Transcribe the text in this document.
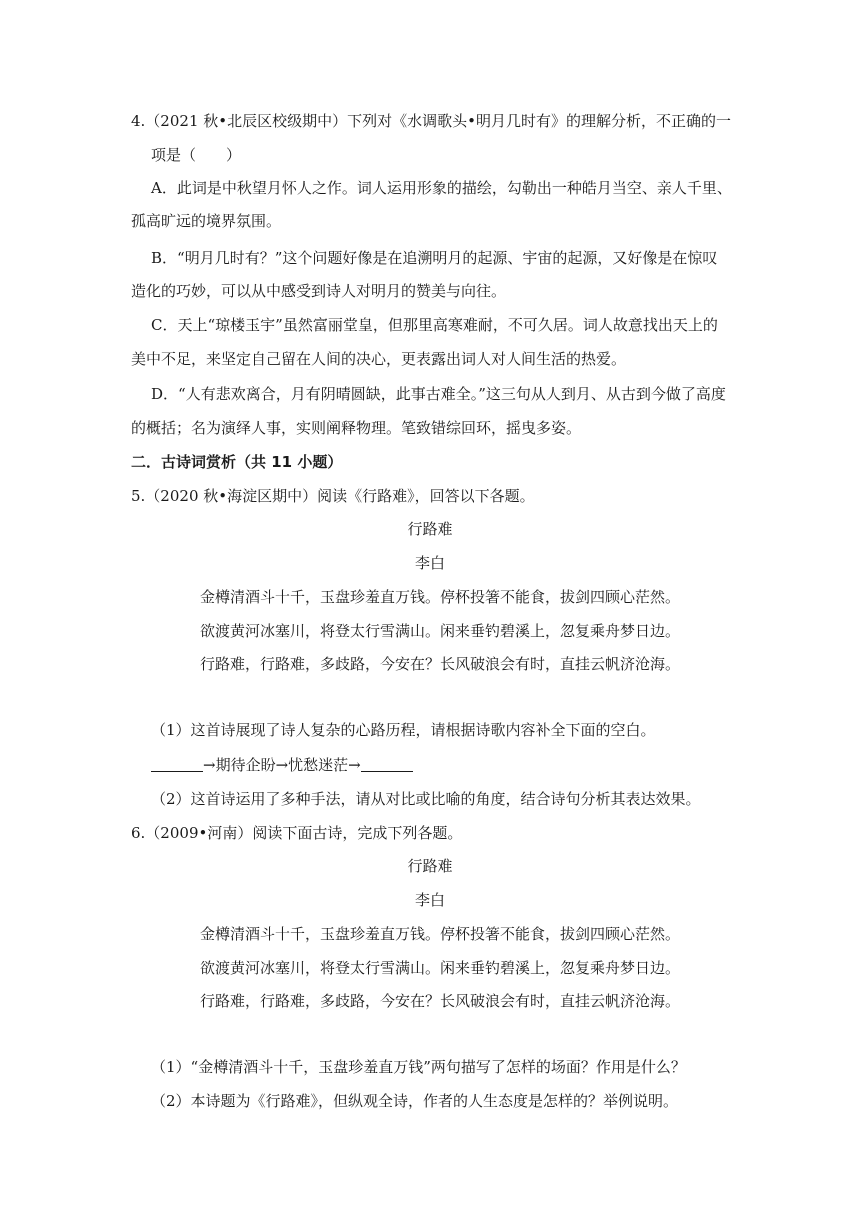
4.（2021 秋•北辰区校级期中）下列对《水调歌头•明月几时有》的理解分析，不正确的一
项是（　　）
A．此词是中秋望月怀人之作。词人运用形象的描绘，勾勒出一种皓月当空、亲人千里、
孤高旷远的境界氛围。
B．“明月几时有？”这个问题好像是在追溯明月的起源、宇宙的起源，又好像是在惊叹
造化的巧妙，可以从中感受到诗人对明月的赞美与向往。
C．天上“琼楼玉宇”虽然富丽堂皇，但那里高寒难耐，不可久居。词人故意找出天上的
美中不足，来坚定自己留在人间的决心，更表露出词人对人间生活的热爱。
D．“人有悲欢离合，月有阴晴圆缺，此事古难全。”这三句从人到月、从古到今做了高度
的概括；名为演绎人事，实则阐释物理。笔致错综回环，摇曳多姿。
二．古诗词赏析（共 11 小题）
5.（2020 秋•海淀区期中）阅读《行路难》，回答以下各题。
行路难
李白
金樽清酒斗十千，玉盘珍羞直万钱。停杯投箸不能食，拔剑四顾心茫然。
欲渡黄河冰塞川，将登太行雪满山。闲来垂钓碧溪上，忽复乘舟梦日边。
行路难，行路难，多歧路，今安在？长风破浪会有时，直挂云帆济沧海。
（1）这首诗展现了诗人复杂的心路历程，请根据诗歌内容补全下面的空白。
→期待企盼→忧愁迷茫→
（2）这首诗运用了多种手法，请从对比或比喻的角度，结合诗句分析其表达效果。
6.（2009•河南）阅读下面古诗，完成下列各题。
行路难
李白
金樽清酒斗十千，玉盘珍羞直万钱。停杯投箸不能食，拔剑四顾心茫然。
欲渡黄河冰塞川，将登太行雪满山。闲来垂钓碧溪上，忽复乘舟梦日边。
行路难，行路难，多歧路，今安在？长风破浪会有时，直挂云帆济沧海。
（1）“金樽清酒斗十千，玉盘珍羞直万钱”两句描写了怎样的场面？作用是什么？
（2）本诗题为《行路难》，但纵观全诗，作者的人生态度是怎样的？举例说明。
